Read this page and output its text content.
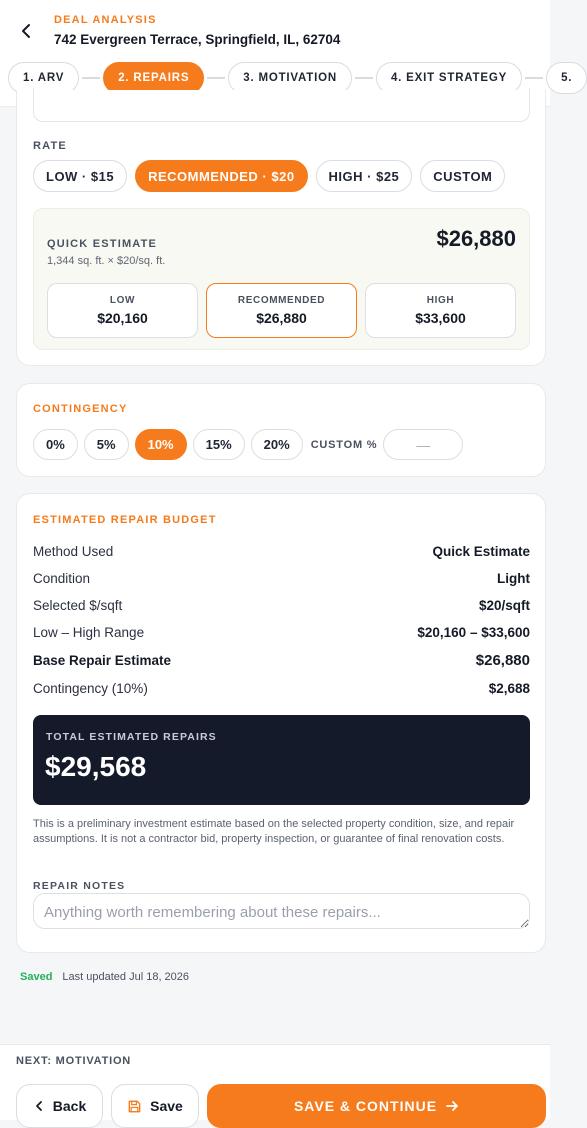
DEAL ANALYSIS
742 Evergreen Terrace, Springfield, IL, 62704
1. ARV	2. REPAIRS	3. MOTIVATION	4. EXIT STRATEGY	5.
RATE
LOW · $15	RECOMMENDED · $20	HIGH · $25	CUSTOM
QUICK ESTIMATE
1,344 sq. ft. × $20/sq. ft.
$26,880
LOW
$20,160
RECOMMENDED
$26,880
HIGH
$33,600
CONTINGENCY
0%	5%	10%	15%	20%	CUSTOM %	—
ESTIMATED REPAIR BUDGET
Method Used	Quick Estimate
Condition	Light
Selected $/sqft	$20/sqft
Low – High Range	$20,160 – $33,600
Base Repair Estimate	$26,880
Contingency (10%)	$2,688
TOTAL ESTIMATED REPAIRS
$29,568
This is a preliminary investment estimate based on the selected property condition, size, and repair assumptions. It is not a contractor bid, property inspection, or guarantee of final renovation costs.
REPAIR NOTES
Anything worth remembering about these repairs...
Saved Last updated Jul 18, 2026
NEXT: MOTIVATION
Back	Save	SAVE & CONTINUE
